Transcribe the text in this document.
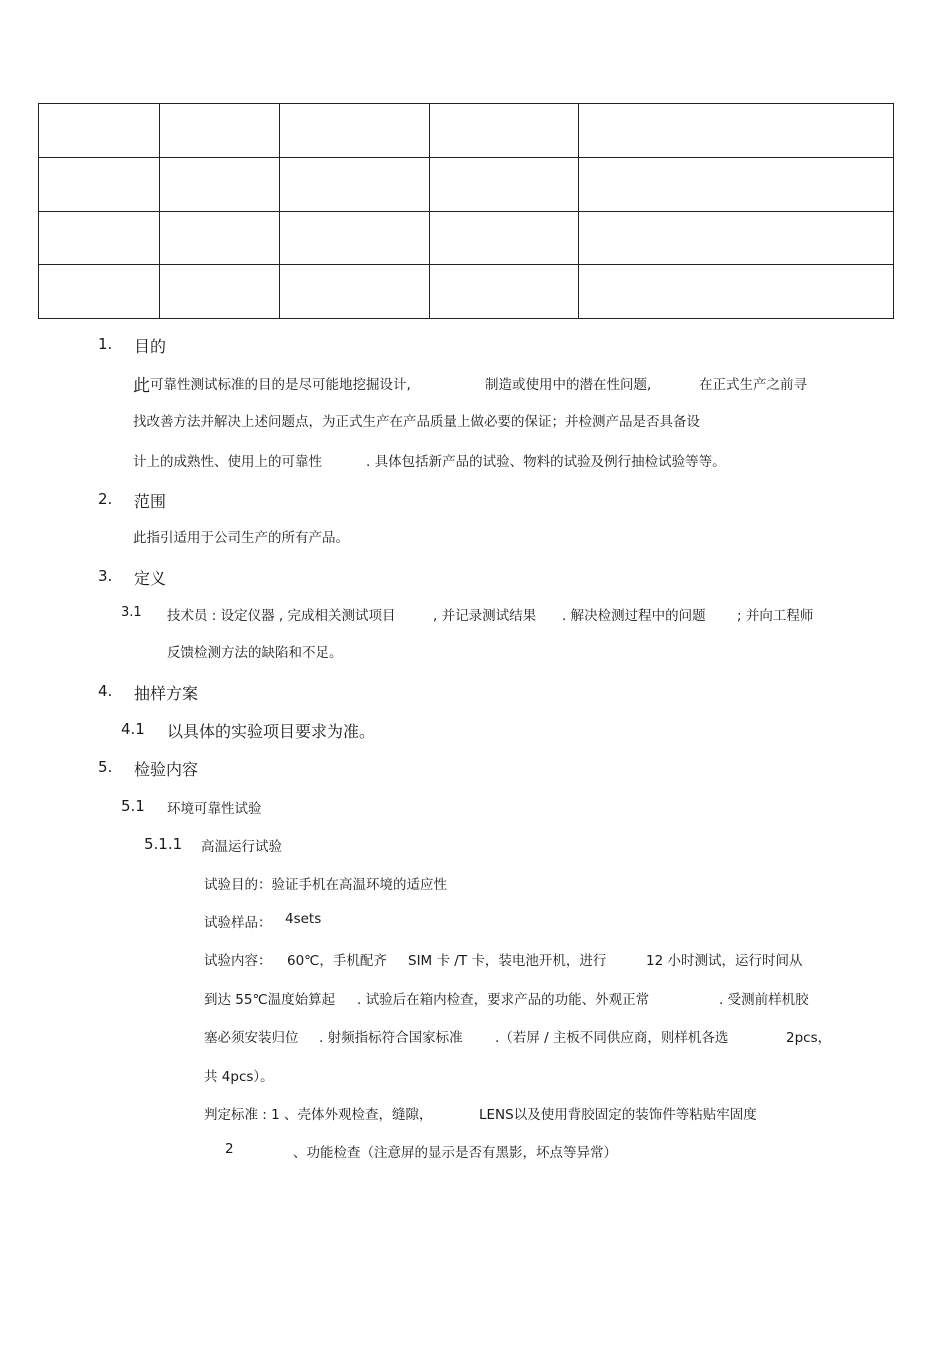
1. 目的
此 可靠性测试标准的目的是尽可能地挖掘设计,	制造或使用中的潜在性问题,	在正式生产之前寻
找改善方法并解决上述问题点，为正式生产在产品质量上做必要的保证；并检测产品是否具备设
计上的成熟性、使用上的可靠性	. 具体包括新产品的试验、物料的试验及例行抽检试验等等。
2. 范围
此指引适用于公司生产的所有产品。
3. 定义
3.1 技术员 : 设定仪器 , 完成相关测试项目	, 并记录测试结果 . 解决检测过程中的问题 ; 并向工程师
反馈检测方法的缺陷和不足。
4. 抽样方案
4.1 以具体的实验项目要求为准。
5. 检验内容
5.1 环境可靠性试验
5.1.1 高温运行试验
试验目的：验证手机在高温环境的适应性
试验样品： 4sets
试验内容： 60℃，手机配齐 SIM 卡 /T 卡，装电池开机，进行	12 小时测试，运行时间从
到达 55℃温度始算起 . 试验后在箱内检查，要求产品的功能、外观正常	. 受测前样机胶
塞必须安装归位 . 射频指标符合国家标准 .（若屏 / 主板不同供应商，则样机各选	2pcs，
共 4pcs）。
判定标准 : 1 、壳体外观检查，缝隙，	LENS以及使用背胶固定的装饰件等粘贴牢固度
2	、功能检查（注意屏的显示是否有黑影，坏点等异常）
